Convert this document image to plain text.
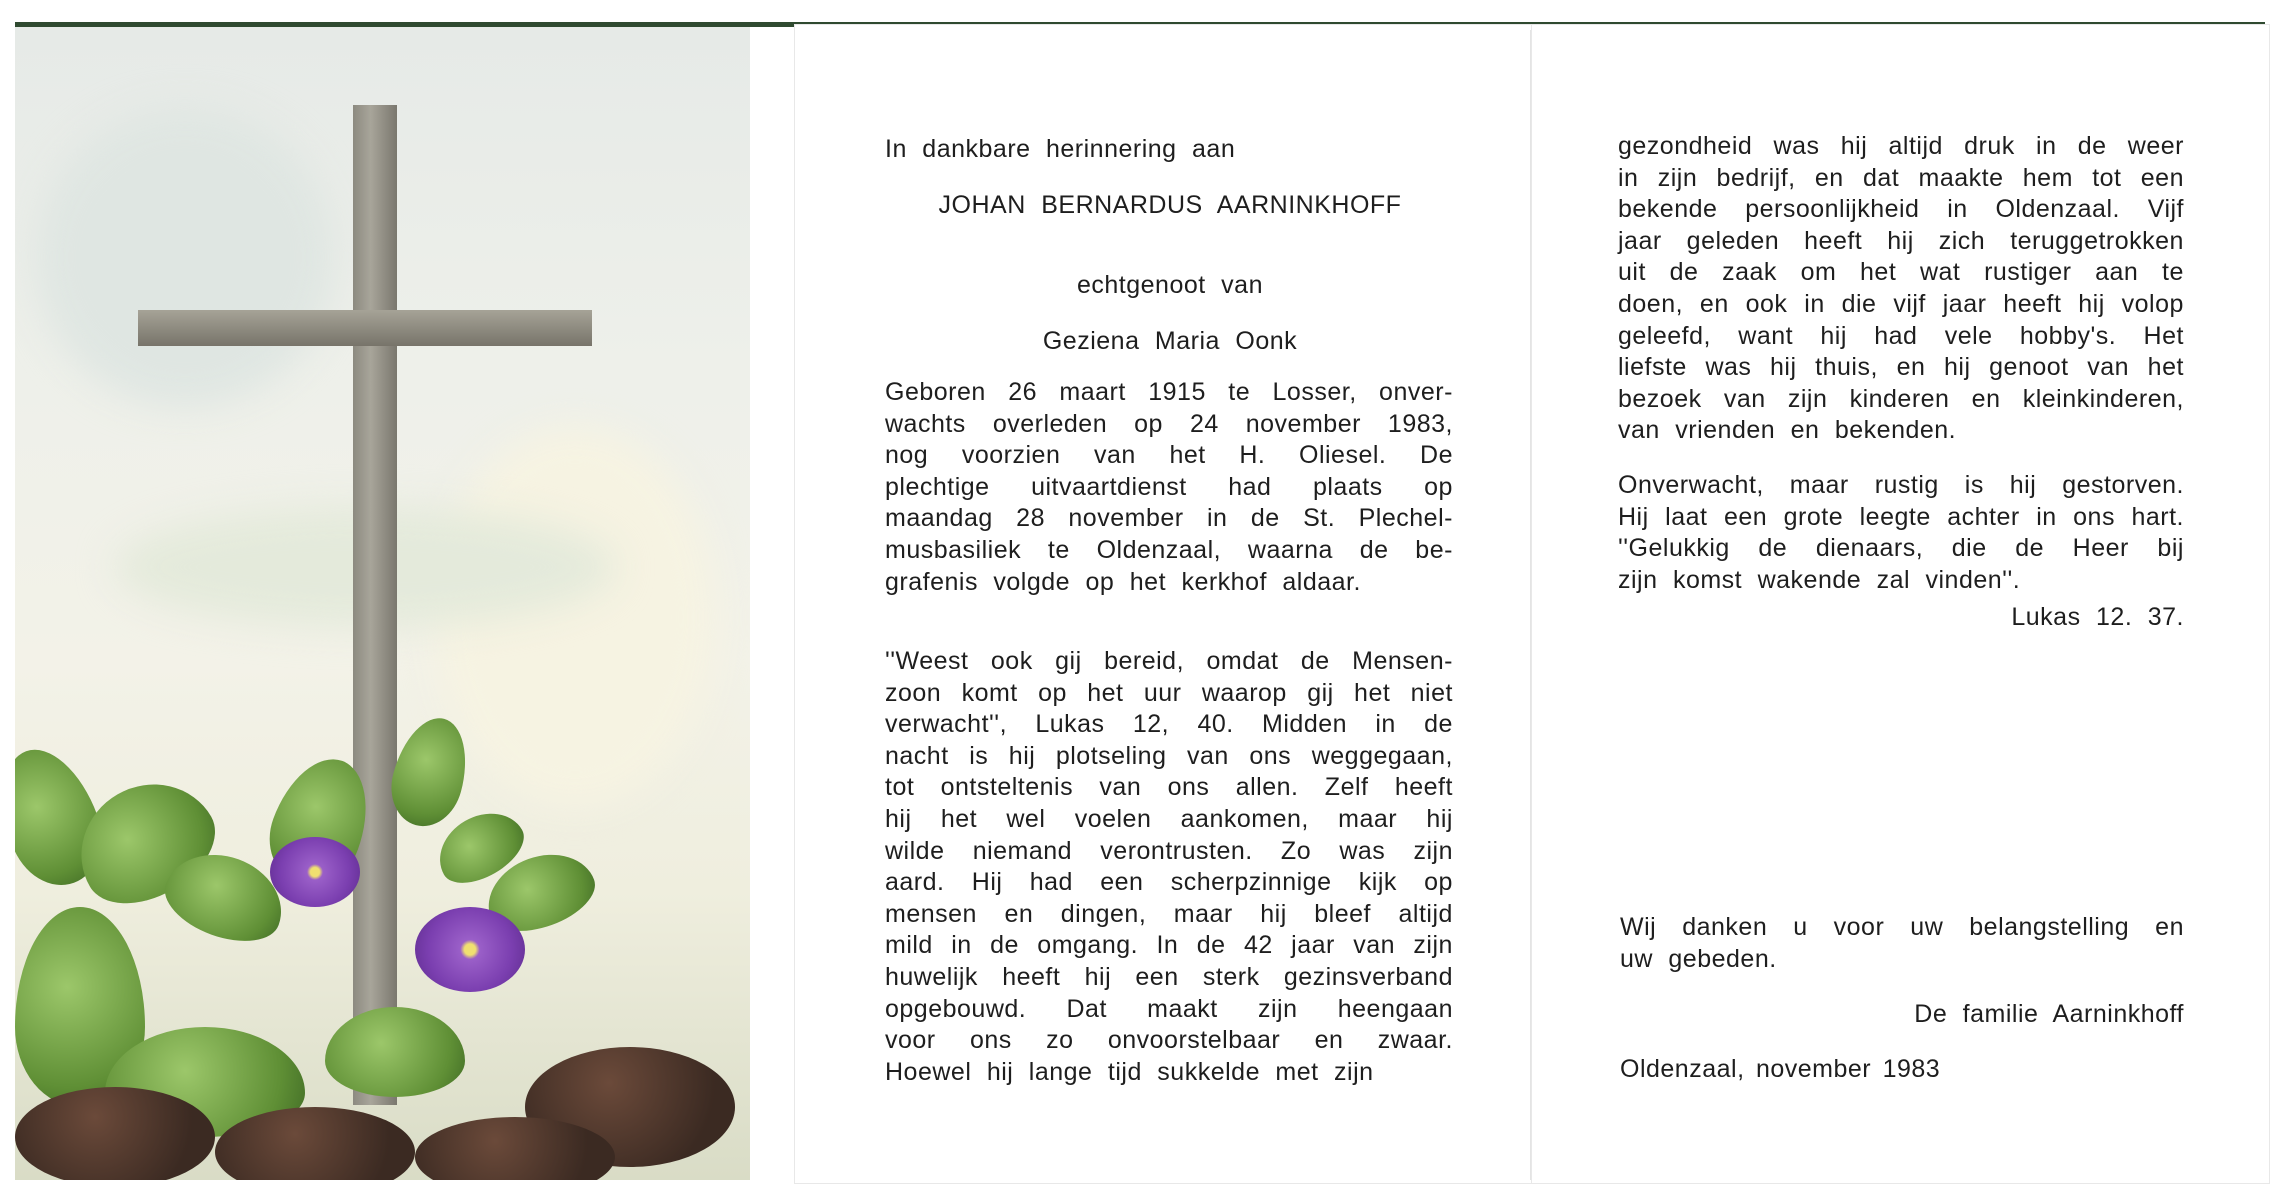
In dankbare herinnering aan
JOHAN BERNARDUS AARNINKHOFF
echtgenoot van
Geziena Maria Oonk
Geboren 26 maart 1915 te Losser, onver-
wachts overleden op 24 november 1983,
nog voorzien van het H. Oliesel. De
plechtige uitvaartdienst had plaats op
maandag 28 november in de St. Plechel-
musbasiliek te Oldenzaal, waarna de be-
grafenis volgde op het kerkhof aldaar.
''Weest ook gij bereid, omdat de Mensen-
zoon komt op het uur waarop gij het niet
verwacht'', Lukas 12, 40. Midden in de
nacht is hij plotseling van ons weggegaan,
tot ontsteltenis van ons allen. Zelf heeft
hij het wel voelen aankomen, maar hij
wilde niemand verontrusten. Zo was zijn
aard. Hij had een scherpzinnige kijk op
mensen en dingen, maar hij bleef altijd
mild in de omgang. In de 42 jaar van zijn
huwelijk heeft hij een sterk gezinsverband
opgebouwd. Dat maakt zijn heengaan
voor ons zo onvoorstelbaar en zwaar.
Hoewel hij lange tijd sukkelde met zijn
gezondheid was hij altijd druk in de weer
in zijn bedrijf, en dat maakte hem tot een
bekende persoonlijkheid in Oldenzaal. Vijf
jaar geleden heeft hij zich teruggetrokken
uit de zaak om het wat rustiger aan te
doen, en ook in die vijf jaar heeft hij volop
geleefd, want hij had vele hobby's. Het
liefste was hij thuis, en hij genoot van het
bezoek van zijn kinderen en kleinkinderen,
van vrienden en bekenden.
Onverwacht, maar rustig is hij gestorven.
Hij laat een grote leegte achter in ons hart.
''Gelukkig de dienaars, die de Heer bij
zijn komst wakende zal vinden''.
Lukas 12. 37.
Wij danken u voor uw belangstelling en
uw gebeden.
De familie Aarninkhoff
Oldenzaal, november 1983
